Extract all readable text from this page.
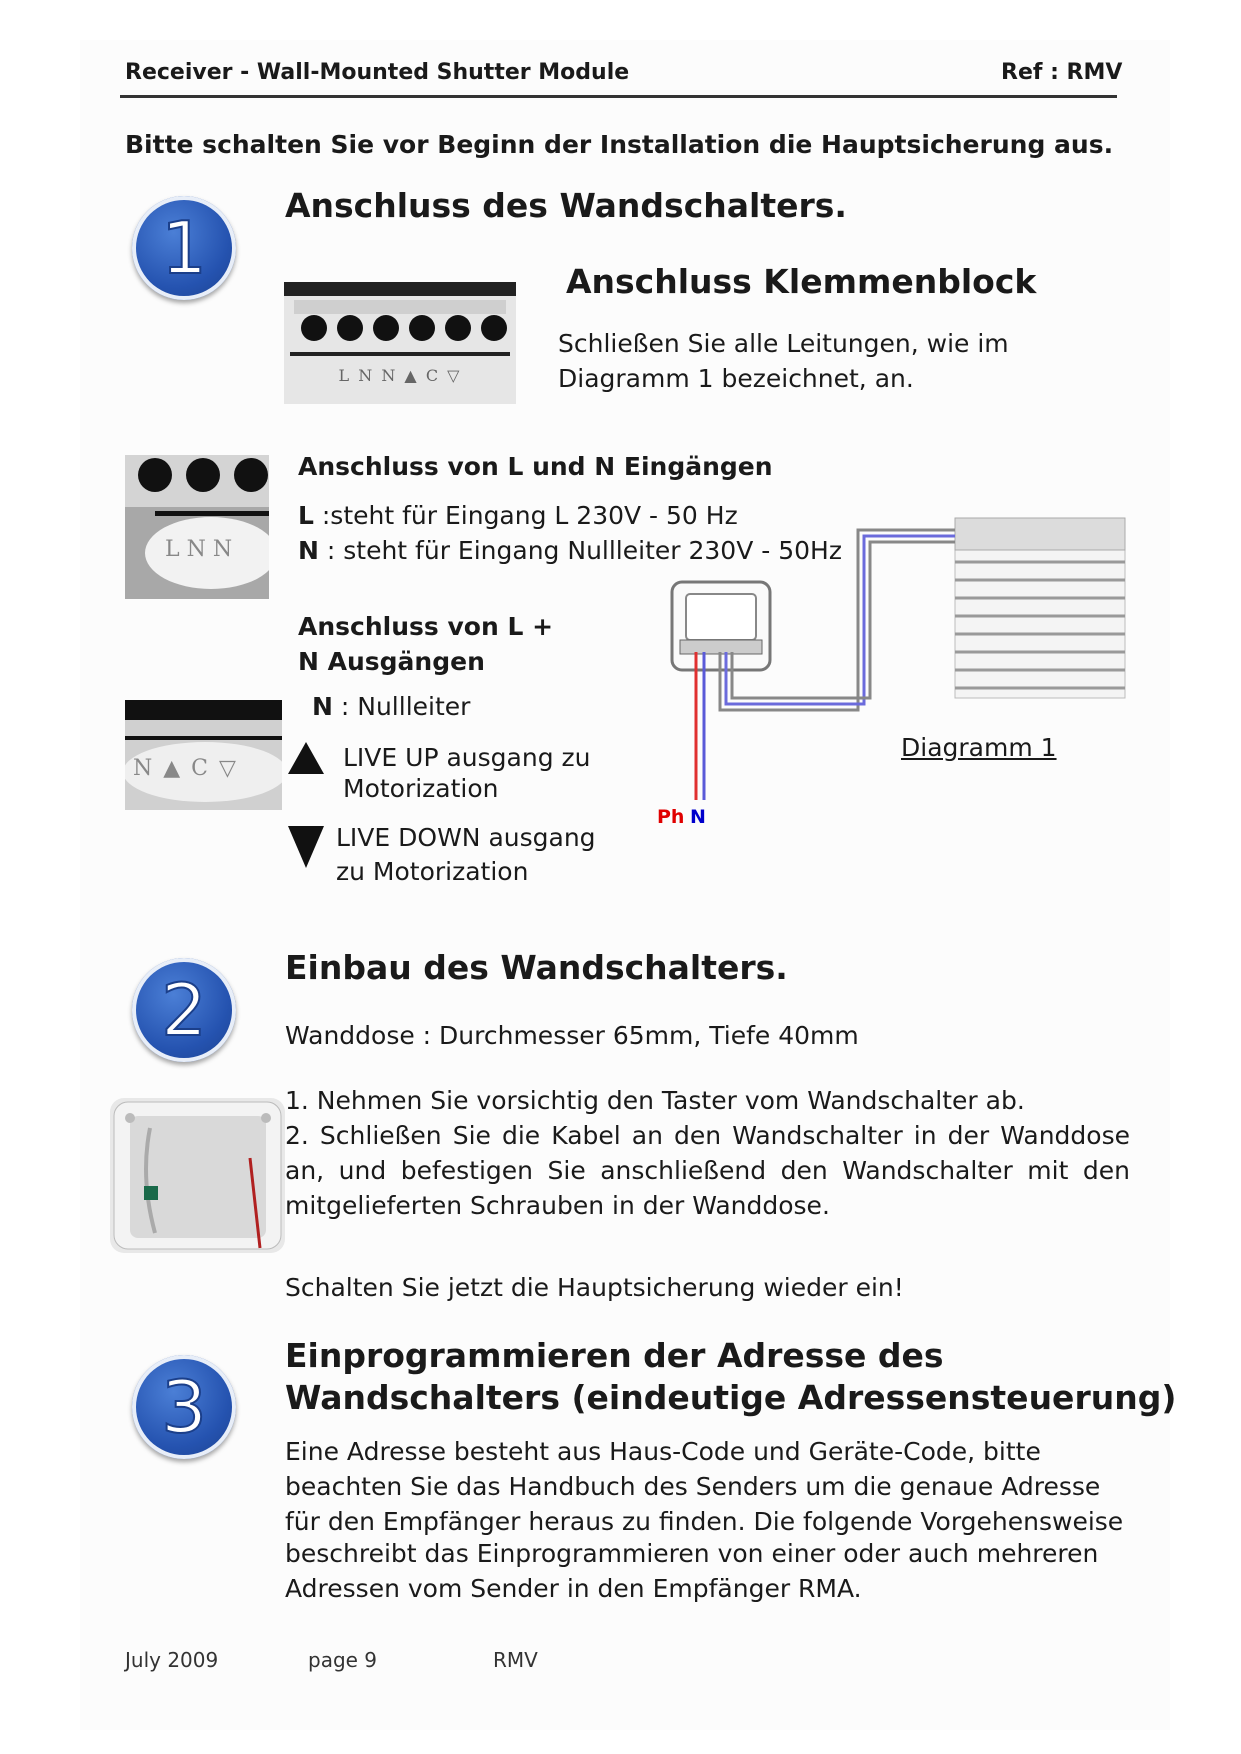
Receiver - Wall-Mounted Shutter Module	Ref : RMV
Bitte schalten Sie vor Beginn der Installation die Hauptsicherung aus.
1
Anschluss des Wandschalters.
L N N ▲ C ▽
Anschluss Klemmenblock
Schließen Sie alle Leitungen, wie im
Diagramm 1 bezeichnet, an.
L N N
Anschluss von L und N Eingängen
L :steht für Eingang L 230V - 50 Hz
N : steht für Eingang Nullleiter 230V - 50Hz
Anschluss von L +
N Ausgängen
N : Nullleiter
N ▲ C ▽	LIVE UP ausgang zu
Motorization
LIVE DOWN ausgang
zu Motorization
Diagramm 1
Ph N
2
Einbau des Wandschalters.
Wanddose : Durchmesser 65mm, Tiefe 40mm
1. Nehmen Sie vorsichtig den Taster vom Wandschalter ab.
2. Schließen Sie die Kabel an den Wandschalter in der Wanddose an, und befestigen Sie anschließend den Wandschalter mit den mitgelieferten Schrauben in der Wanddose.
Schalten Sie jetzt die Hauptsicherung wieder ein!
3
Einprogrammieren der Adresse des
Wandschalters (eindeutige Adressensteuerung)
Eine Adresse besteht aus Haus-Code und Geräte-Code, bitte
beachten Sie das Handbuch des Senders um die genaue Adresse
für den Empfänger heraus zu finden. Die folgende Vorgehensweise
beschreibt das Einprogrammieren von einer oder auch mehreren
Adressen vom Sender in den Empfänger RMA.
July 2009	page 9	RMV
